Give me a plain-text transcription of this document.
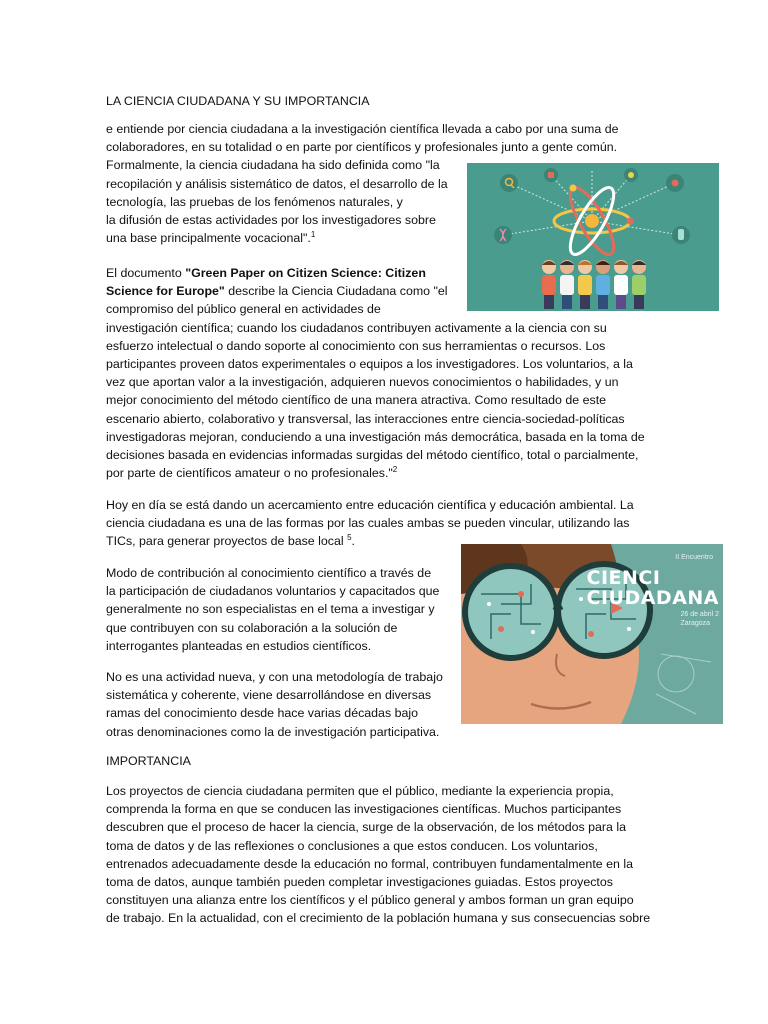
LA CIENCIA CIUDADANA Y SU IMPORTANCIA

e entiende por ciencia ciudadana a la investigación científica llevada a cabo por una suma de
colaboradores, en su totalidad o en parte por científicos y profesionales junto a gente común.
Formalmente, la ciencia ciudadana ha sido definida como "la
recopilación y análisis sistemático de datos, el desarrollo de la
tecnología, las pruebas de los fenómenos naturales, y
la difusión de estas actividades por los investigadores sobre
una base principalmente vocacional".$^1$
El documento "Green Paper on Citizen Science: Citizen
Science for Europe" describe la Ciencia Ciudadana como "el
compromiso del público general en actividades de
investigación científica; cuando los ciudadanos contribuyen activamente a la ciencia con su
esfuerzo intelectual o dando soporte al conocimiento con sus herramientas o recursos. Los
participantes proveen datos experimentales o equipos a los investigadores. Los voluntarios, a la
vez que aportan valor a la investigación, adquieren nuevos conocimientos o habilidades, y un
mejor conocimiento del método científico de una manera atractiva. Como resultado de este
escenario abierto, colaborativo y transversal, las interacciones entre ciencia-sociedad-políticas
investigadoras mejoran, conduciendo a una investigación más democrática, basada en la toma de
decisiones basada en evidencias informadas surgidas del método científico, total o parcialmente,
por parte de científicos amateur o no profesionales."$^2$
Hoy en día se está dando un acercamiento entre educación científica y educación ambiental. La
ciencia ciudadana es una de las formas por las cuales ambas se pueden vincular, utilizando las
TICs, para generar proyectos de base local $^5$.
Modo de contribución al conocimiento científico a través de
la participación de ciudadanos voluntarios y capacitados que
generalmente no son especialistas en el tema a investigar y
que contribuyen con su colaboración a la solución de
interrogantes planteadas en estudios científicos.
No es una actividad nueva, y con una metodología de trabajo
sistemática y coherente, viene desarrollándose en diversas
ramas del conocimiento desde hace varias décadas bajo
otras denominaciones como la de investigación participativa.

IMPORTANCIA

Los proyectos de ciencia ciudadana permiten que el público, mediante la experiencia propia,
comprenda la forma en que se conducen las investigaciones científicas. Muchos participantes
descubren que el proceso de hacer la ciencia, surge de la observación, de los métodos para la
toma de datos y de las reflexiones o conclusiones a que estos conducen. Los voluntarios,
entrenados adecuadamente desde la educación no formal, contribuyen fundamentalmente en la
toma de datos, aunque también pueden completar investigaciones guiadas. Estos proyectos
constituyen una alianza entre los científicos y el público general y ambos forman un gran equipo
de trabajo. En la actualidad, con el crecimiento de la población humana y sus consecuencias sobre
II Encuentro
CIENCI
CIUDADANA
26 de abril 2
Zaragoza
